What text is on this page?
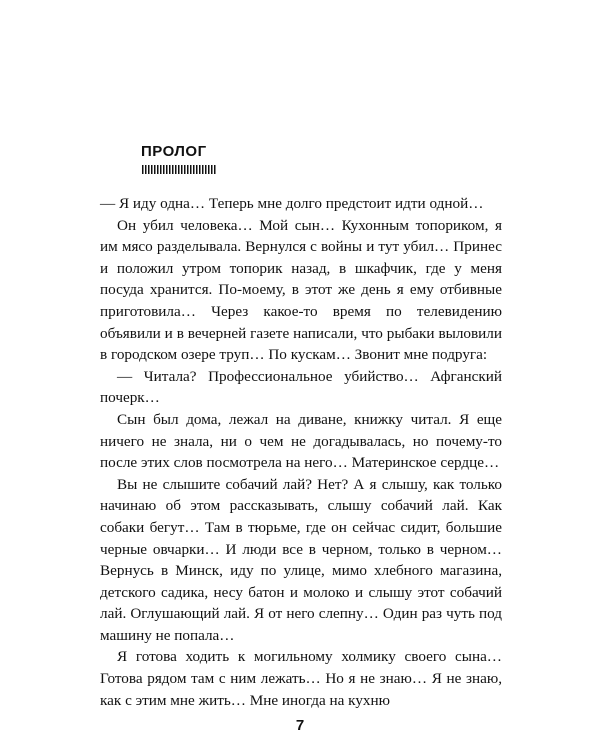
ПРОЛОГ

— Я иду одна… Теперь мне долго предстоит идти одной…

Он убил человека… Мой сын… Кухонным топориком, я им мясо разделывала. Вернулся с войны и тут убил… Принес и положил утром топорик назад, в шкафчик, где у меня посуда хранится. По-моему, в этот же день я ему отбивные приготовила… Через какое-то время по телевидению объявили и в вечерней газете написали, что рыбаки выловили в городском озере труп… По кускам… Звонит мне подруга:

— Читала? Профессиональное убийство… Афганский почерк…

Сын был дома, лежал на диване, книжку читал. Я еще ничего не знала, ни о чем не догадывалась, но почему-то после этих слов посмотрела на него… Материнское сердце…

Вы не слышите собачий лай? Нет? А я слышу, как только начинаю об этом рассказывать, слышу собачий лай. Как собаки бегут… Там в тюрьме, где он сейчас сидит, большие черные овчарки… И люди все в черном, только в черном… Вернусь в Минск, иду по улице, мимо хлебного магазина, детского садика, несу батон и молоко и слышу этот собачий лай. Оглушающий лай. Я от него слепну… Один раз чуть под машину не попала…

Я готова ходить к могильному холмику своего сына… Готова рядом там с ним лежать… Но я не знаю… Я не знаю, как с этим мне жить… Мне иногда на кухню

7
